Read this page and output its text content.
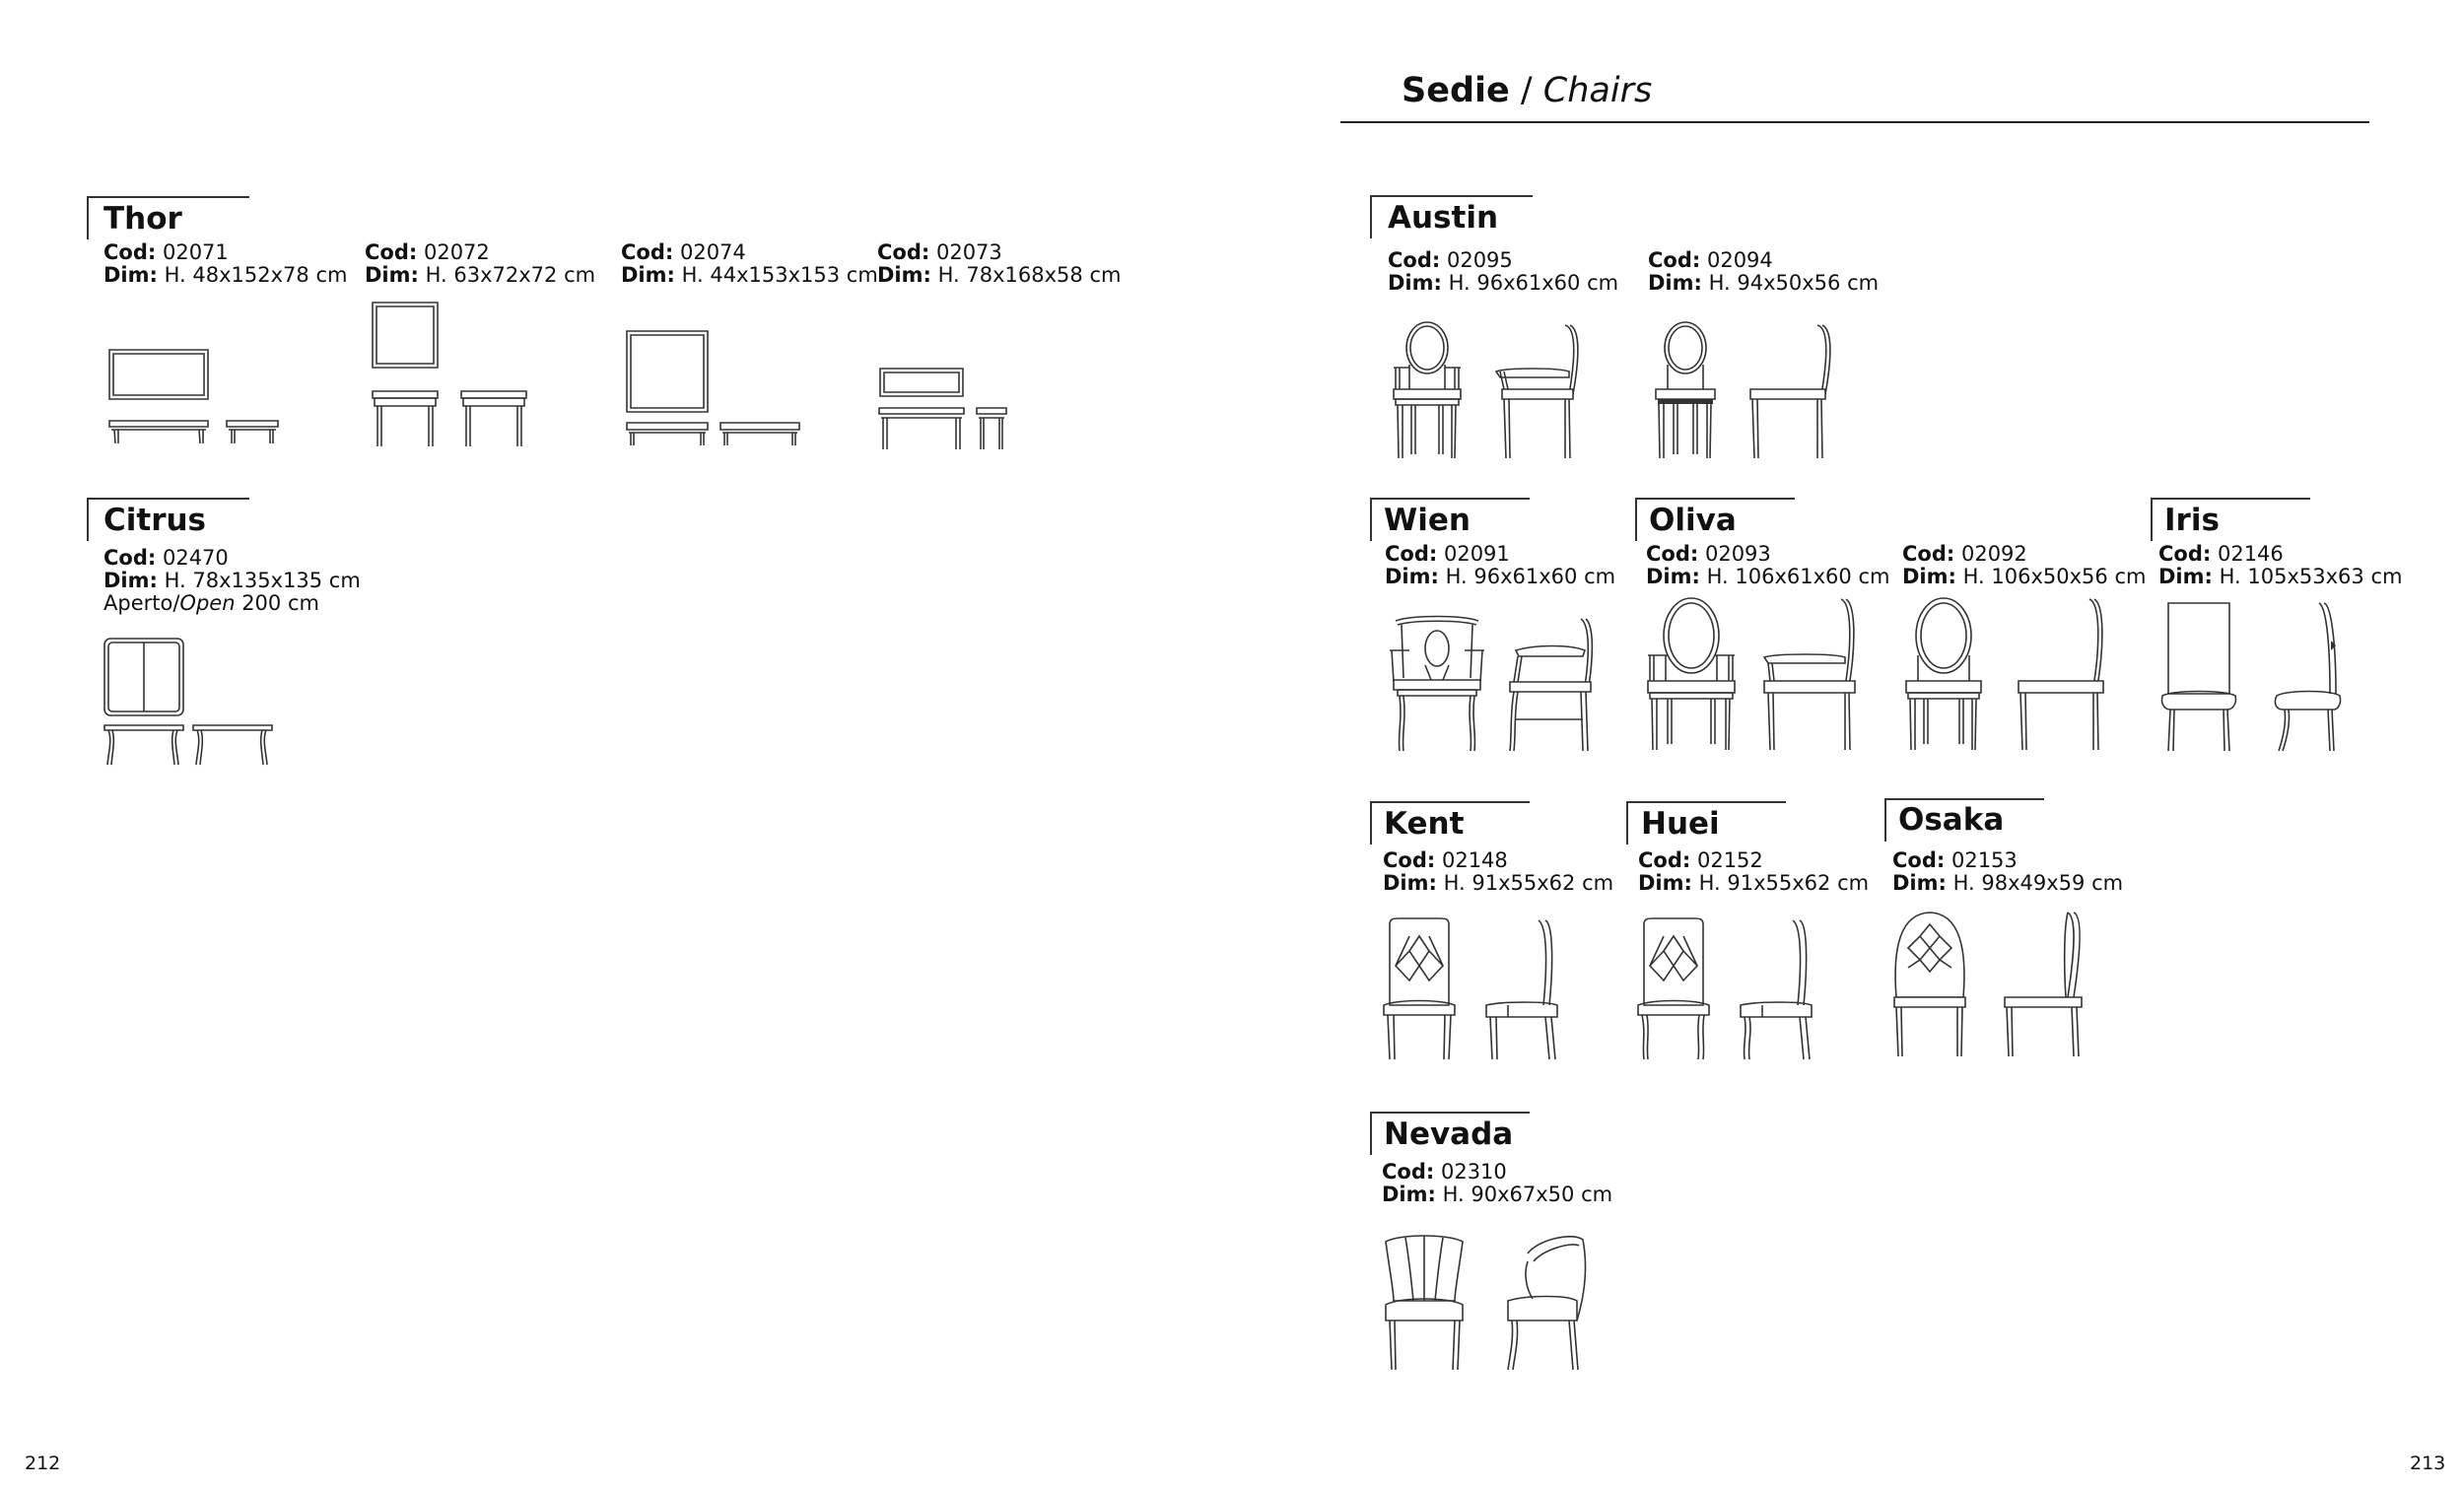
Sedie / Chairs
Thor
Cod: 02071
Dim: H. 48x152x78 cm
Cod: 02072
Dim: H. 63x72x72 cm
Cod: 02074
Dim: H. 44x153x153 cm
Cod: 02073
Dim: H. 78x168x58 cm
Citrus
Cod: 02470
Dim: H. 78x135x135 cm
Aperto/Open 200 cm
Austin
Cod: 02095
Dim: H. 96x61x60 cm
Cod: 02094
Dim: H. 94x50x56 cm
Wien
Cod: 02091
Dim: H. 96x61x60 cm
Oliva
Cod: 02093
Dim: H. 106x61x60 cm
Cod: 02092
Dim: H. 106x50x56 cm
Iris
Cod: 02146
Dim: H. 105x53x63 cm
Kent
Cod: 02148
Dim: H. 91x55x62 cm
Huei
Cod: 02152
Dim: H. 91x55x62 cm
Osaka
Cod: 02153
Dim: H. 98x49x59 cm
Nevada
Cod: 02310
Dim: H. 90x67x50 cm
212	213
